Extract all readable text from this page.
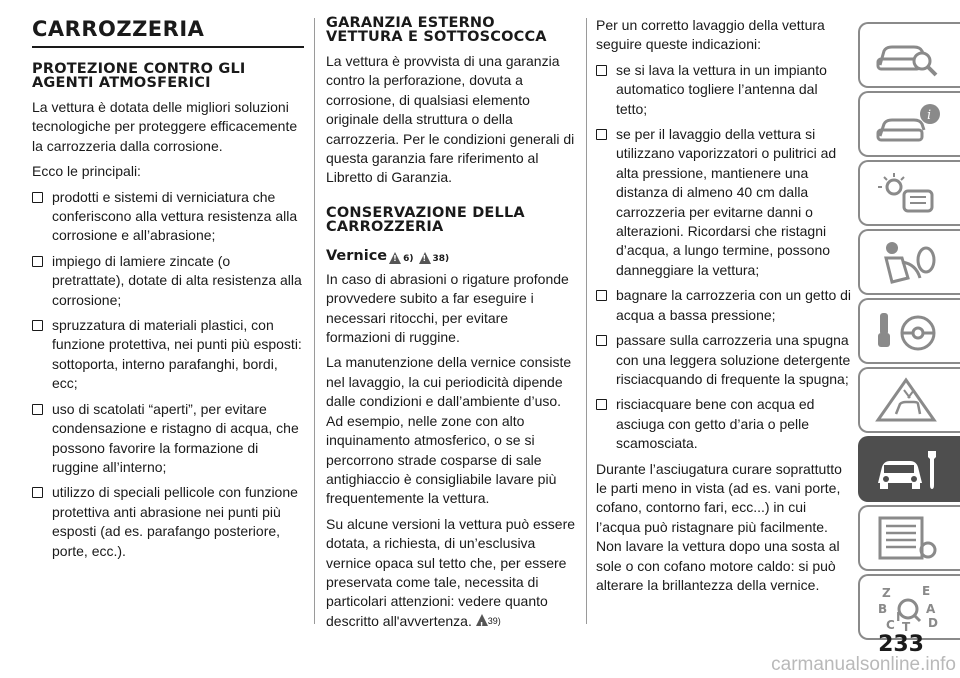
CARROZZERIA
PROTEZIONE CONTRO GLI AGENTI ATMOSFERICI

La vettura è dotata delle migliori soluzioni tecnologiche per proteggere efficacemente la carrozzeria dalla corrosione.

Ecco le principali:

prodotti e sistemi di verniciatura che conferiscono alla vettura resistenza alla corrosione e all’abrasione;
impiego di lamiere zincate (o pretrattate), dotate di alta resistenza alla corrosione;
spruzzatura di materiali plastici, con funzione protettiva, nei punti più esposti: sottoporta, interno parafanghi, bordi, ecc;
uso di scatolati “aperti”, per evitare condensazione e ristagno di acqua, che possono favorire la formazione di ruggine all’interno;
utilizzo di speciali pellicole con funzione protettiva anti abrasione nei punti più esposti (ad es. parafango posteriore, porte, ecc.).
GARANZIA ESTERNO VETTURA E SOTTOSCOCCA

La vettura è provvista di una garanzia contro la perforazione, dovuta a corrosione, di qualsiasi elemento originale della struttura o della carrozzeria. Per le condizioni generali di questa garanzia fare riferimento al Libretto di Garanzia.

CONSERVAZIONE DELLA CARROZZERIA
Vernice ! 6) ! 38)

In caso di abrasioni o rigature profonde provvedere subito a far eseguire i necessari ritocchi, per evitare formazioni di ruggine.

La manutenzione della vernice consiste nel lavaggio, la cui periodicità dipende dalle condizioni e dall’ambiente d’uso. Ad esempio, nelle zone con alto inquinamento atmosferico, o se si percorrono strade cosparse di sale antighiaccio è consigliabile lavare più frequentemente la vettura.

Su alcune versioni la vettura può essere dotata, a richiesta, di un’esclusiva vernice opaca sul tetto che, per essere preservata come tale, necessita di particolari attenzioni: vedere quanto descritto all'avvertenza. ! 39)

Per un corretto lavaggio della vettura seguire queste indicazioni:

se si lava la vettura in un impianto automatico togliere l’antenna dal tetto;
se per il lavaggio della vettura si utilizzano vaporizzatori o pulitrici ad alta pressione, mantienere una distanza di almeno 40 cm dalla carrozzeria per evitarne danni o alterazioni. Ricordarsi che ristagni d’acqua, a lungo termine, possono danneggiare la vettura;
bagnare la carrozzeria con un getto di acqua a bassa pressione;
passare sulla carrozzeria una spugna con una leggera soluzione detergente risciacquando di frequente la spugna;
risciacquare bene con acqua ed asciuga con getto d’aria o pelle scamosciata.

Durante l’asciugatura curare soprattutto le parti meno in vista (ad es. vani porte, cofano, contorno fari, ecc...) in cui l’acqua può ristagnare più facilmente. Non lavare la vettura dopo una sosta al sole o con cofano motore caldo: si può alterare la brillantezza della vernice.

i
Z	E
B	A
C T D
I
233
carmanualsonline.info
